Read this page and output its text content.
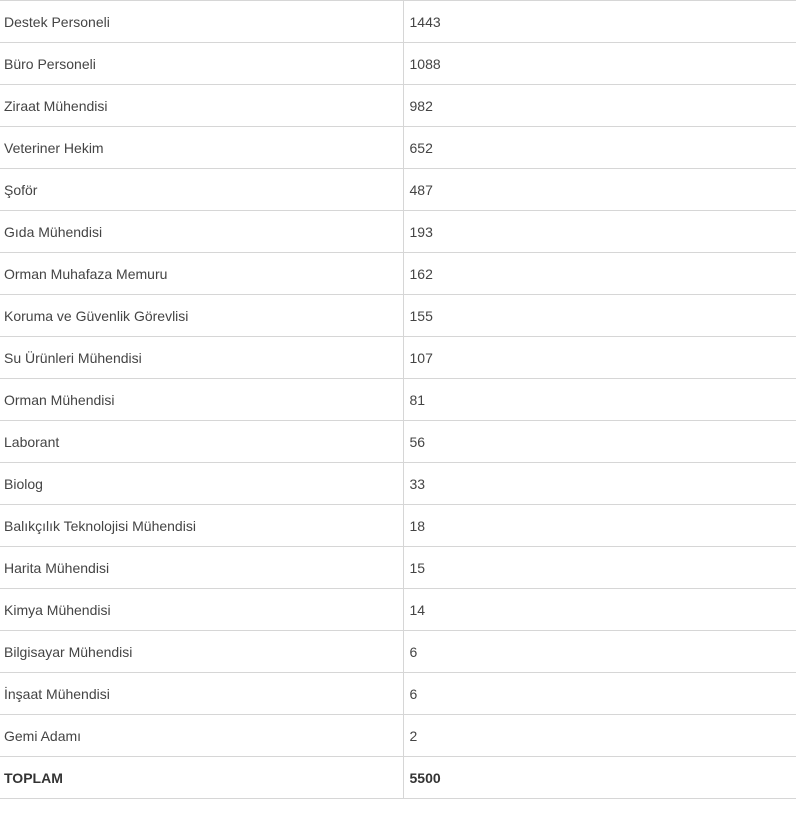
Destek Personeli	1443
Büro Personeli	1088
Ziraat Mühendisi	982
Veteriner Hekim	652
Şoför	487
Gıda Mühendisi	193
Orman Muhafaza Memuru	162
Koruma ve Güvenlik Görevlisi	155
Su Ürünleri Mühendisi	107
Orman Mühendisi	81
Laborant	56
Biolog	33
Balıkçılık Teknolojisi Mühendisi	18
Harita Mühendisi	15
Kimya Mühendisi	14
Bilgisayar Mühendisi	6
İnşaat Mühendisi	6
Gemi Adamı	2
TOPLAM	5500
